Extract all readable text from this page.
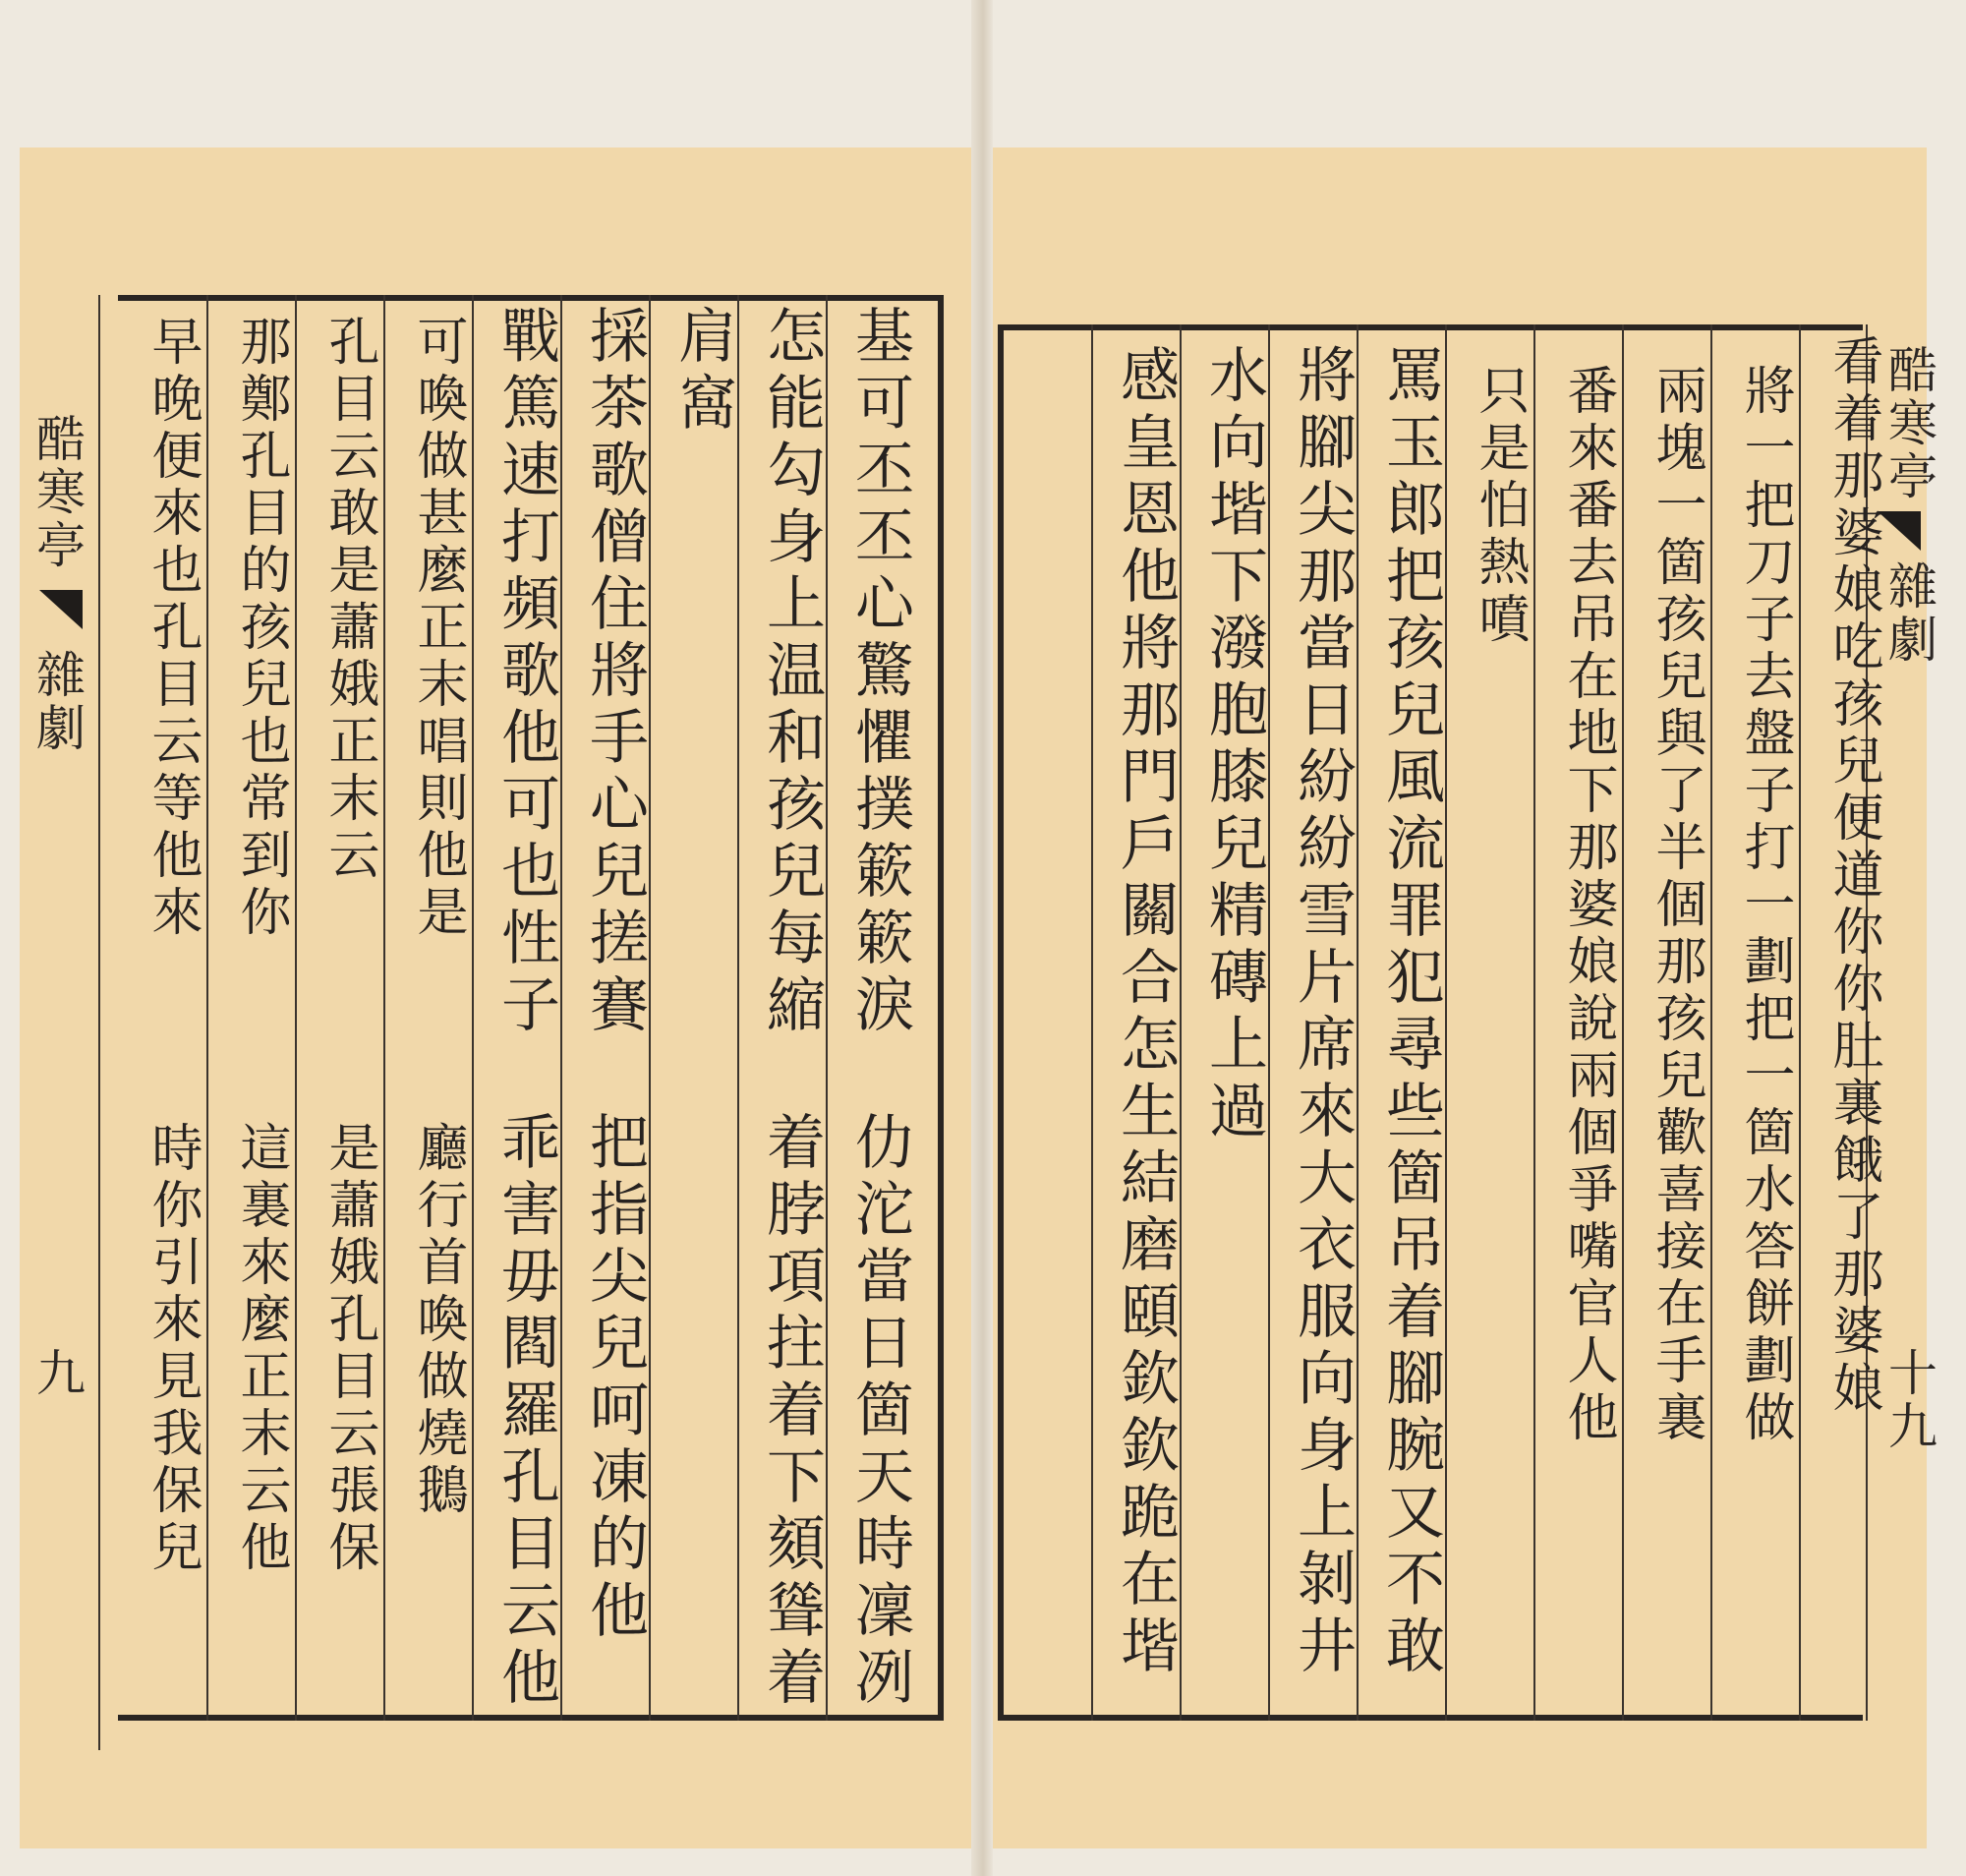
酷寒亭
雜劇
九
基可丕丕心驚懼撲簌簌淚
仂沱當日箇天時凜冽
怎能勾身上温和孩兒每縮
着脖項拄着下頦聳着
肩窩
採茶歌僧住將手心兒搓賽
把指尖兒呵凍的他
戰篤速打頻歌他可也性子
乖害毋閻羅孔目云他
可喚做甚麼正末唱則他是
廳行首喚做燒鵝
孔目云敢是蕭娥正末云
是蕭娥孔目云張保
那鄭孔目的孩兒也常到你
這裏來麼正末云他
早晚便來也孔目云等他來
時你引來見我保兒
酷寒亭
雜劇
十九
看着那婆娘吃孩兒便道你你肚裏餓了那婆娘
將一把刀子去盤子打一劃把一箇水答餅劃做
兩塊一箇孩兒與了半個那孩兒歡喜接在手裏
番來番去吊在地下那婆娘說兩個爭嘴官人他
只是怕熱噴
罵玉郎把孩兒風流罪犯尋些箇吊着腳腕又不敢
將腳尖那當日紛紛雪片席來大衣服向身上剝井
水向堦下潑胞膝兒精磚上過
感皇恩他將那門戶關合怎生結磨頤欽欽跪在堦
